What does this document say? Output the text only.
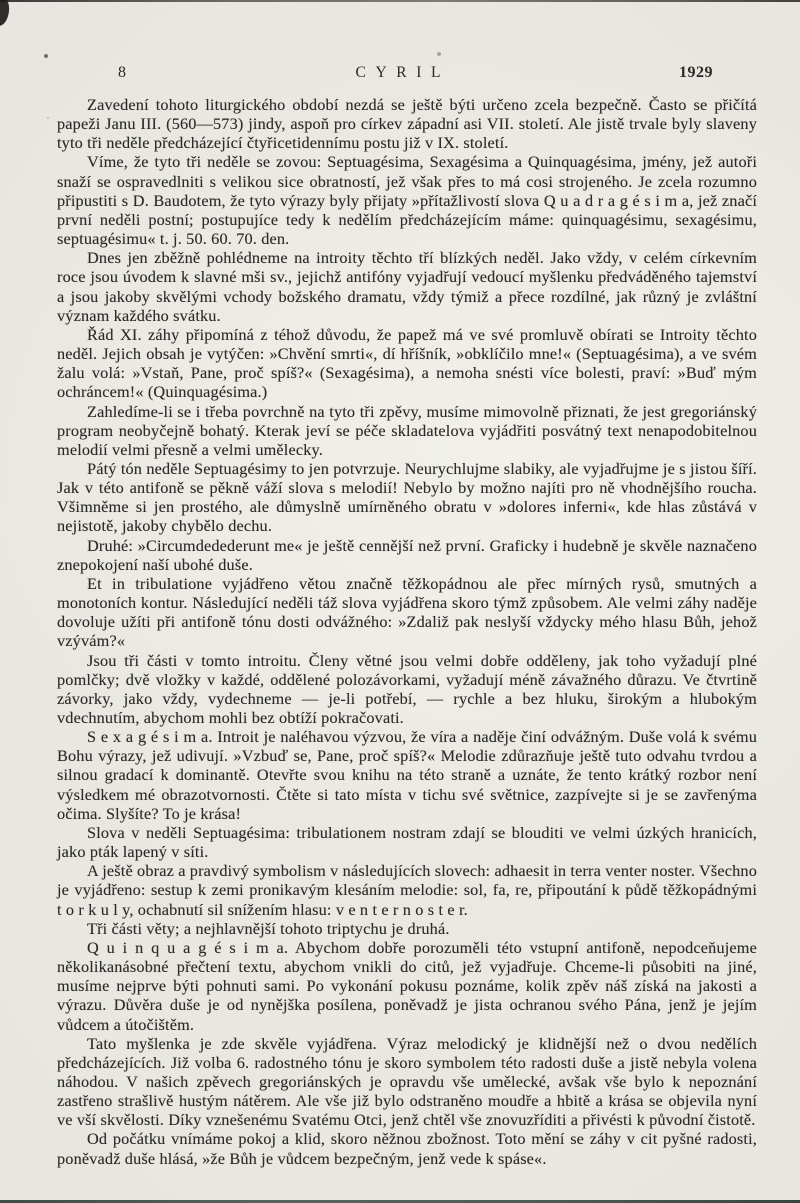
8	CYRIL	1929

Zavedení tohoto liturgického období nezdá se ještě býti určeno zcela bezpečně. Často se přičítá papeži Janu III. (560—573) jindy, aspoň pro církev západní asi VII. století. Ale jistě trvale byly slaveny tyto tři neděle předcházející čtyřicetidennímu postu již v IX. století.

Víme, že tyto tři neděle se zovou: Septuagésima, Sexagésima a Quinquagésima, jmény, jež autoři snaží se ospravedlniti s velikou sice obratností, jež však přes to má cosi strojeného. Je zcela rozumno připustiti s D. Baudotem, že tyto výrazy byly přijaty »přítažlivostí slova Q u a d r a g é s i m a, jež značí první neděli postní; postupujíce tedy k nedělím předcházejícím máme: quinquagésimu, sexagésimu, septuagésimu« t. j. 50. 60. 70. den.

Dnes jen zběžně pohlédneme na introity těchto tří blízkých neděl. Jako vždy, v celém církevním roce jsou úvodem k slavné mši sv., jejichž antifóny vyjadřují vedoucí myšlenku předváděného tajemství a jsou jakoby skvělými vchody božského dramatu, vždy týmiž a přece rozdílné, jak různý je zvláštní význam každého svátku.

Řád XI. záhy připomíná z téhož důvodu, že papež má ve své promluvě obírati se Introity těchto neděl. Jejich obsah je vytýčen: »Chvění smrti«, dí hříšník, »obklíčilo mne!« (Septuagésima), a ve svém žalu volá: »Vstaň, Pane, proč spíš?« (Sexagésima), a nemoha snésti více bolesti, praví: »Buď mým ochráncem!« (Quinquagésima.)

Zahledíme-li se i třeba povrchně na tyto tři zpěvy, musíme mimovolně přiznati, že jest gregoriánský program neobyčejně bohatý. Kterak jeví se péče skladatelova vyjádřiti posvátný text nenapodobitelnou melodií velmi přesně a velmi umělecky.

Pátý tón neděle Septuagésimy to jen potvrzuje. Neurychlujme slabiky, ale vyjadřujme je s jistou šíří. Jak v této antifoně se pěkně váží slova s melodií! Nebylo by možno najíti pro ně vhodnějšího roucha. Všimněme si jen prostého, ale důmyslně umírněného obratu v »dolores inferni«, kde hlas zůstává v nejistotě, jakoby chybělo dechu.

Druhé: »Circumdedederunt me« je ještě cennější než první. Graficky i hudebně je skvěle naznačeno znepokojení naší ubohé duše.

Et in tribulatione vyjádřeno větou značně těžkopádnou ale přec mírných rysů, smutných a monotoních kontur. Následující neděli táž slova vyjádřena skoro týmž způsobem. Ale velmi záhy naděje dovoluje užíti při antifoně tónu dosti odvážného: »Zdaliž pak neslyší vždycky mého hlasu Bůh, jehož vzývám?«

Jsou tři části v tomto introitu. Členy větné jsou velmi dobře odděleny, jak toho vyžadují plné pomlčky; dvě vložky v každé, oddělené polozávorkami, vyžadují méně závažného důrazu. Ve čtvrtině závorky, jako vždy, vydechneme — je-li potřebí, — rychle a bez hluku, širokým a hlubokým vdechnutím, abychom mohli bez obtíží pokračovati.

S e x a g é s i m a. Introit je naléhavou výzvou, že víra a naděje činí odvážným. Duše volá k svému Bohu výrazy, jež udivují. »Vzbuď se, Pane, proč spíš?« Melodie zdůrazňuje ještě tuto odvahu tvrdou a silnou gradací k dominantě. Otevřte svou knihu na této straně a uznáte, že tento krátký rozbor není výsledkem mé obrazotvornosti. Čtěte si tato místa v tichu své světnice, zazpívejte si je se zavřenýma očima. Slyšíte? To je krása!

Slova v neděli Septuagésima: tribulationem nostram zdají se blouditi ve velmi úzkých hranicích, jako pták lapený v síti.

A ještě obraz a pravdivý symbolism v následujících slovech: adhaesit in terra venter noster. Všechno je vyjádřeno: sestup k zemi pronikavým klesáním melodie: sol, fa, re, připoutání k půdě těžkopádnými t o r k u l y, ochabnutí sil snížením hlasu: v e n t e r n o s t e r.

Tři části věty; a nejhlavnější tohoto triptychu je druhá.

Q u i n q u a g é s i m a. Abychom dobře porozuměli této vstupní antifoně, nepodceňujeme několikanásobné přečtení textu, abychom vnikli do citů, jež vyjadřuje. Chceme-li působiti na jiné, musíme nejprve býti pohnuti sami. Po vykonání pokusu poznáme, kolik zpěv náš získá na jakosti a výrazu. Důvěra duše je od nynějška posílena, poněvadž je jista ochranou svého Pána, jenž je jejím vůdcem a útočištěm.

Tato myšlenka je zde skvěle vyjádřena. Výraz melodický je klidnější než o dvou nedělích předcházejících. Již volba 6. radostného tónu je skoro symbolem této radosti duše a jistě nebyla volena náhodou. V našich zpěvech gregoriánských je opravdu vše umělecké, avšak vše bylo k nepoznání zastřeno strašlivě hustým nátěrem. Ale vše již bylo odstraněno moudře a hbitě a krása se objevila nyní ve vší skvělosti. Díky vznešenému Svatému Otci, jenž chtěl vše znovuzříditi a přivésti k původní čistotě.

Od počátku vnímáme pokoj a klid, skoro něžnou zbožnost. Toto mění se záhy v cit pyšné radosti, poněvadž duše hlásá, »že Bůh je vůdcem bezpečným, jenž vede k spáse«.
